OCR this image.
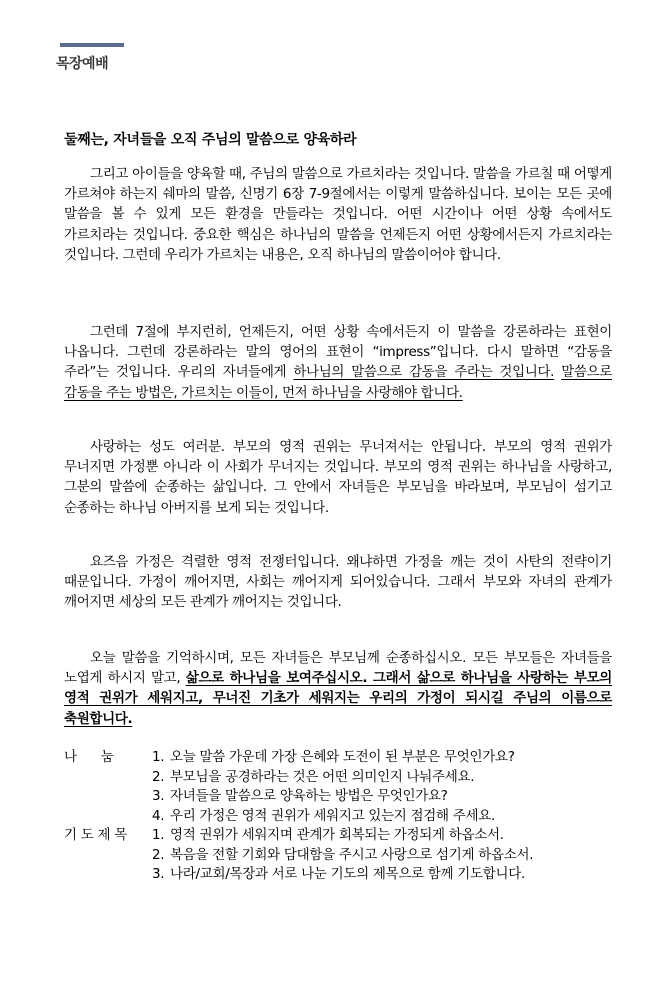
목장예배
둘째는, 자녀들을 오직 주님의 말씀으로 양육하라

그리고 아이들을 양육할 때, 주님의 말씀으로 가르치라는 것입니다. 말씀을 가르칠 때 어떻게 가르쳐야 하는지 쉐마의 말씀, 신명기 6장 7-9절에서는 이렇게 말씀하십니다. 보이는 모든 곳에 말씀을 볼 수 있게 모든 환경을 만들라는 것입니다. 어떤 시간이나 어떤 상황 속에서도 가르치라는 것입니다. 중요한 핵심은 하나님의 말씀을 언제든지 어떤 상황에서든지 가르치라는 것입니다. 그런데 우리가 가르치는 내용은, 오직 하나님의 말씀이어야 합니다.

그런데 7절에 부지런히, 언제든지, 어떤 상황 속에서든지 이 말씀을 강론하라는 표현이 나옵니다. 그런데 강론하라는 말의 영어의 표현이 “impress”입니다. 다시 말하면 “감동을 주라”는 것입니다. 우리의 자녀들에게 하나님의 말씀으로 감동을 주라는 것입니다. 말씀으로 감동을 주는 방법은, 가르치는 이들이, 먼저 하나님을 사랑해야 합니다.

사랑하는 성도 여러분. 부모의 영적 권위는 무너져서는 안됩니다. 부모의 영적 권위가 무너지면 가정뿐 아니라 이 사회가 무너지는 것입니다. 부모의 영적 권위는 하나님을 사랑하고, 그분의 말씀에 순종하는 삶입니다. 그 안에서 자녀들은 부모님을 바라보며, 부모님이 섬기고 순종하는 하나님 아버지를 보게 되는 것입니다.

요즈음 가정은 격렬한 영적 전쟁터입니다. 왜냐하면 가정을 깨는 것이 사탄의 전략이기 때문입니다. 가정이 깨어지면, 사회는 깨어지게 되어있습니다. 그래서 부모와 자녀의 관계가 깨어지면 세상의 모든 관계가 깨어지는 것입니다.

오늘 말씀을 기억하시며, 모든 자녀들은 부모님께 순종하십시오. 모든 부모들은 자녀들을 노엽게 하시지 말고, 삶으로 하나님을 보여주십시오. 그래서 삶으로 하나님을 사랑하는 부모의 영적 권위가 세워지고, 무너진 기초가 세워지는 우리의 가정이 되시길 주님의 이름으로 축원합니다.

나      눔	1. 오늘 말씀 가운데 가장 은혜와 도전이 된 부분은 무엇인가요?
2. 부모님을 공경하라는 것은 어떤 의미인지 나눠주세요.
3. 자녀들을 말씀으로 양육하는 방법은 무엇인가요?
4. 우리 가정은 영적 권위가 세워지고 있는지 점검해 주세요.
기 도 제 목 1. 영적 권위가 세워지며 관계가 회복되는 가정되게 하옵소서.
2. 복음을 전할 기회와 담대함을 주시고 사랑으로 섬기게 하옵소서.
3. 나라/교회/목장과 서로 나눈 기도의 제목으로 함께 기도합니다.
